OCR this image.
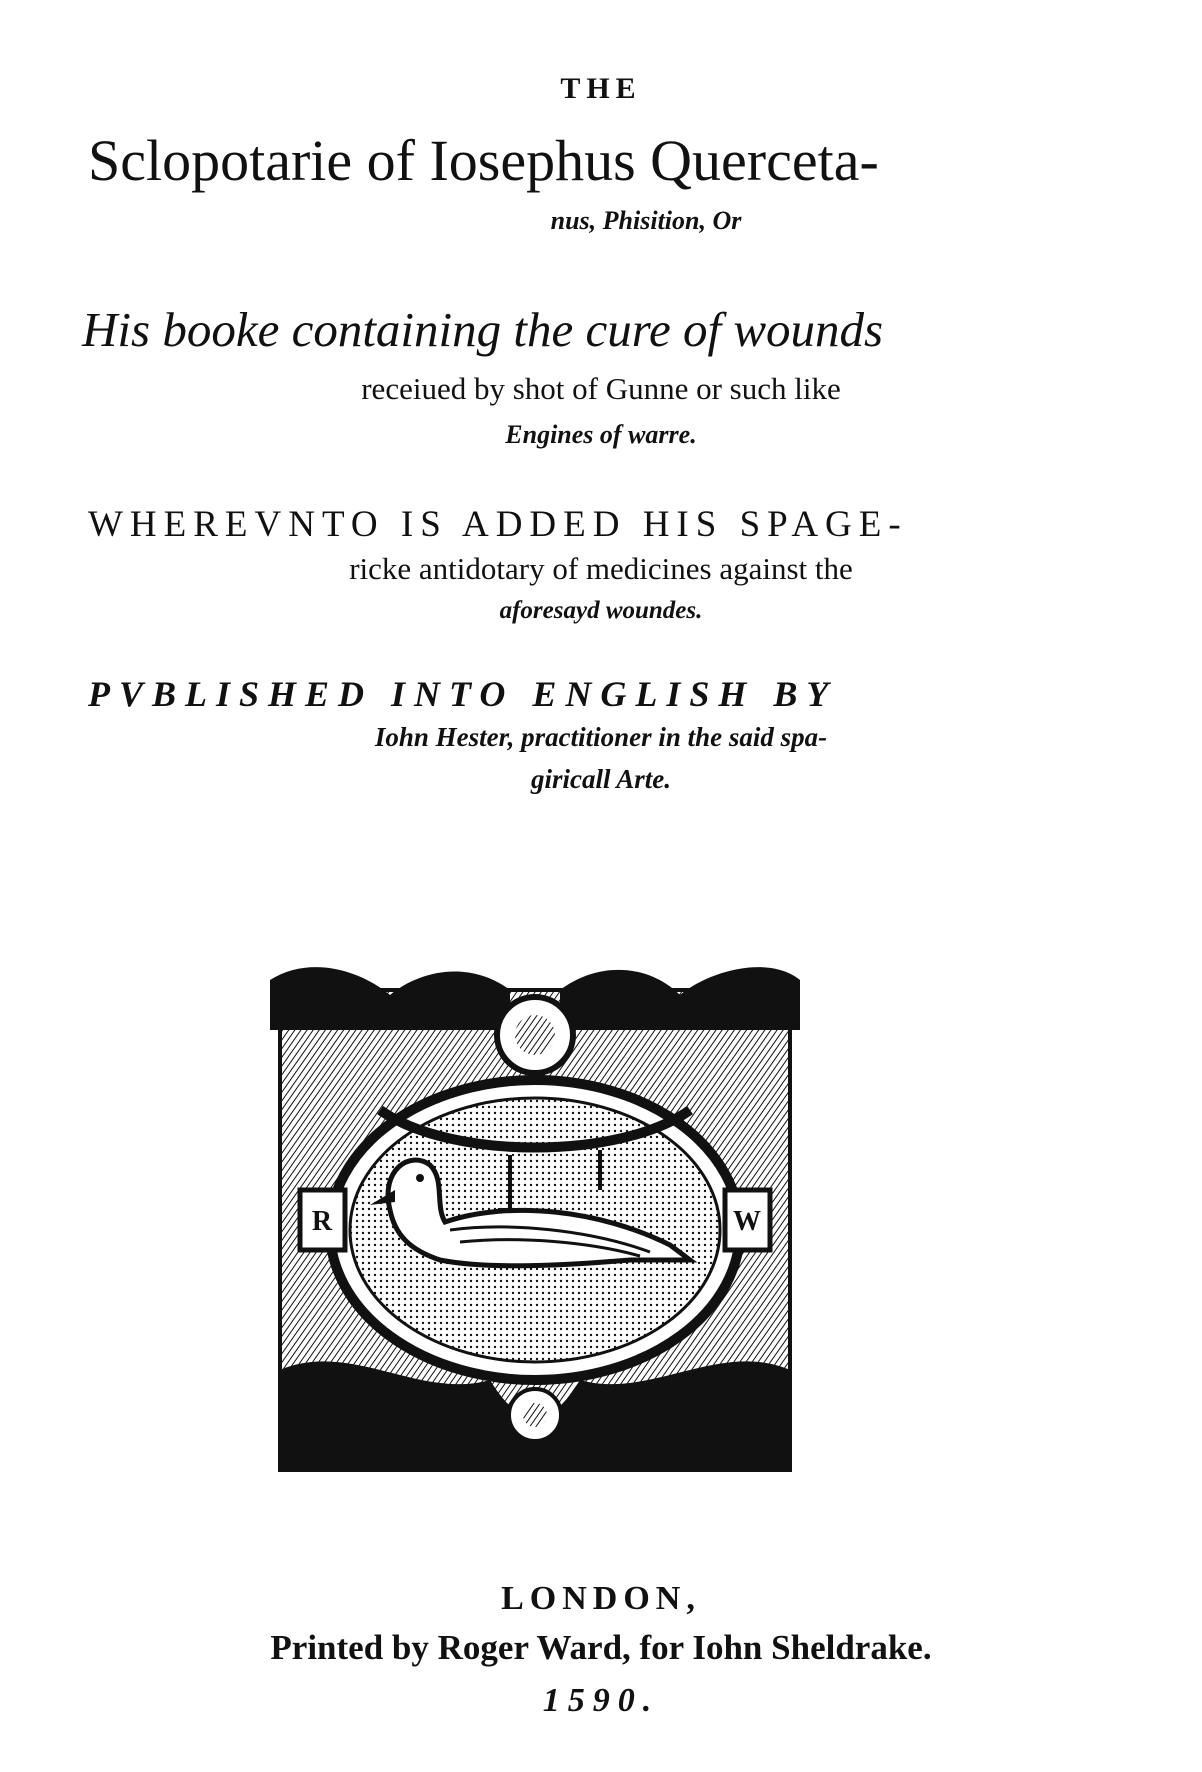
THE
Sclopotarie of Iosephus Querceta-
nus, Phisition, Or
His booke containing the cure of wounds
receiued by shot of Gunne or such like
Engines of warre.
WHEREVNTO IS ADDED HIS SPAGE-
ricke antidotary of medicines against the
aforesayd woundes.
PVBLISHED INTO ENGLISH BY
Iohn Hester, practitioner in the said spa-
giricall Arte.
R	W
LONDON,
Printed by Roger Ward, for Iohn Sheldrake.
1590.
